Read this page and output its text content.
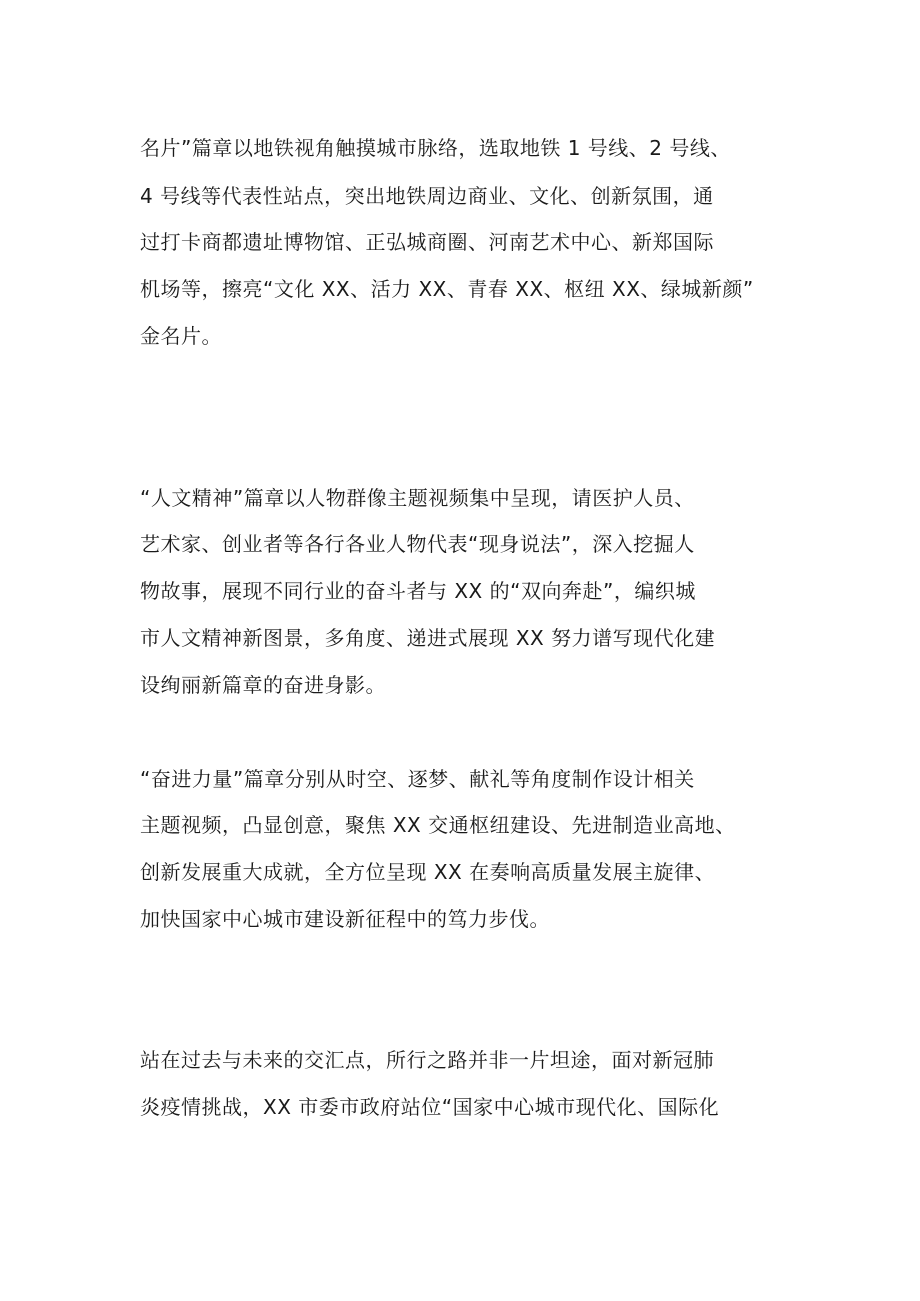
名片”篇章以地铁视角触摸城市脉络，选取地铁 1 号线、2 号线、
4 号线等代表性站点，突出地铁周边商业、文化、创新氛围，通
过打卡商都遗址博物馆、正弘城商圈、河南艺术中心、新郑国际
机场等，擦亮“文化 XX、活力 XX、青春 XX、枢纽 XX、绿城新颜”
金名片。
“人文精神”篇章以人物群像主题视频集中呈现，请医护人员、
艺术家、创业者等各行各业人物代表“现身说法”，深入挖掘人
物故事，展现不同行业的奋斗者与 XX 的“双向奔赴”，编织城
市人文精神新图景，多角度、递进式展现 XX 努力谱写现代化建
设绚丽新篇章的奋进身影。
“奋进力量”篇章分别从时空、逐梦、献礼等角度制作设计相关
主题视频，凸显创意，聚焦 XX 交通枢纽建设、先进制造业高地、
创新发展重大成就，全方位呈现 XX 在奏响高质量发展主旋律、
加快国家中心城市建设新征程中的笃力步伐。
站在过去与未来的交汇点，所行之路并非一片坦途，面对新冠肺
炎疫情挑战，XX 市委市政府站位“国家中心城市现代化、国际化
